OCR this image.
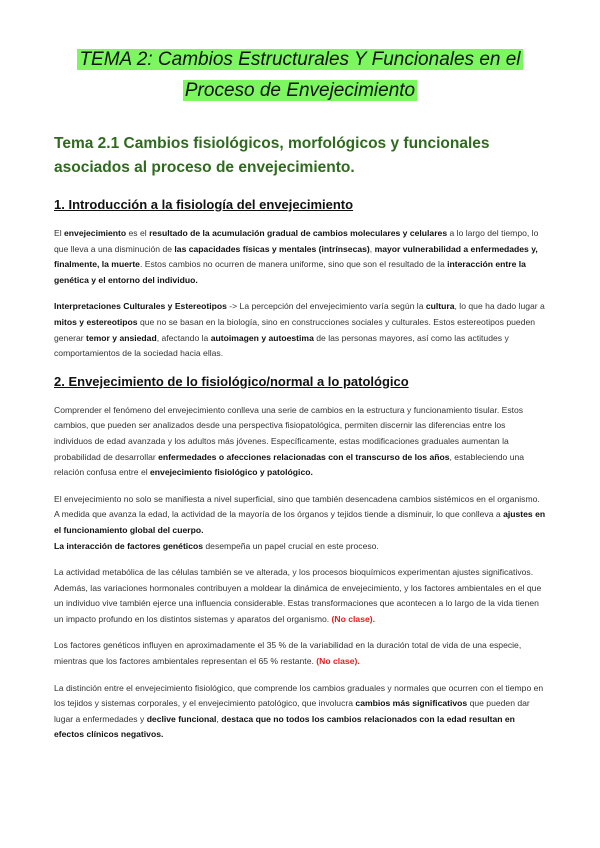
TEMA 2: Cambios Estructurales Y Funcionales en el Proceso de Envejecimiento
Tema 2.1 Cambios fisiológicos, morfológicos y funcionales asociados al proceso de envejecimiento.
1. Introducción a la fisiología del envejecimiento

El envejecimiento es el resultado de la acumulación gradual de cambios moleculares y celulares a lo largo del tiempo, lo que lleva a una disminución de las capacidades físicas y mentales (intrínsecas), mayor vulnerabilidad a enfermedades y, finalmente, la muerte. Estos cambios no ocurren de manera uniforme, sino que son el resultado de la interacción entre la genética y el entorno del individuo.

Interpretaciones Culturales y Estereotipos -> La percepción del envejecimiento varía según la cultura, lo que ha dado lugar a mitos y estereotipos que no se basan en la biología, sino en construcciones sociales y culturales. Estos estereotipos pueden generar temor y ansiedad, afectando la autoimagen y autoestima de las personas mayores, así como las actitudes y comportamientos de la sociedad hacia ellas.

2. Envejecimiento de lo fisiológico/normal a lo patológico

Comprender el fenómeno del envejecimiento conlleva una serie de cambios en la estructura y funcionamiento tisular. Estos cambios, que pueden ser analizados desde una perspectiva fisiopatológica, permiten discernir las diferencias entre los individuos de edad avanzada y los adultos más jóvenes. Específicamente, estas modificaciones graduales aumentan la probabilidad de desarrollar enfermedades o afecciones relacionadas con el transcurso de los años, estableciendo una relación confusa entre el envejecimiento fisiológico y patológico.

El envejecimiento no solo se manifiesta a nivel superficial, sino que también desencadena cambios sistémicos en el organismo. A medida que avanza la edad, la actividad de la mayoría de los órganos y tejidos tiende a disminuir, lo que conlleva a ajustes en el funcionamiento global del cuerpo.

La interacción de factores genéticos desempeña un papel crucial en este proceso.

La actividad metabólica de las células también se ve alterada, y los procesos bioquímicos experimentan ajustes significativos. Además, las variaciones hormonales contribuyen a moldear la dinámica de envejecimiento, y los factores ambientales en el que un individuo vive también ejerce una influencia considerable. Estas transformaciones que acontecen a lo largo de la vida tienen un impacto profundo en los distintos sistemas y aparatos del organismo. (No clase).

Los factores genéticos influyen en aproximadamente el 35 % de la variabilidad en la duración total de vida de una especie, mientras que los factores ambientales representan el 65 % restante. (No clase).

La distinción entre el envejecimiento fisiológico, que comprende los cambios graduales y normales que ocurren con el tiempo en los tejidos y sistemas corporales, y el envejecimiento patológico, que involucra cambios más significativos que pueden dar lugar a enfermedades y declive funcional, destaca que no todos los cambios relacionados con la edad resultan en efectos clínicos negativos.
